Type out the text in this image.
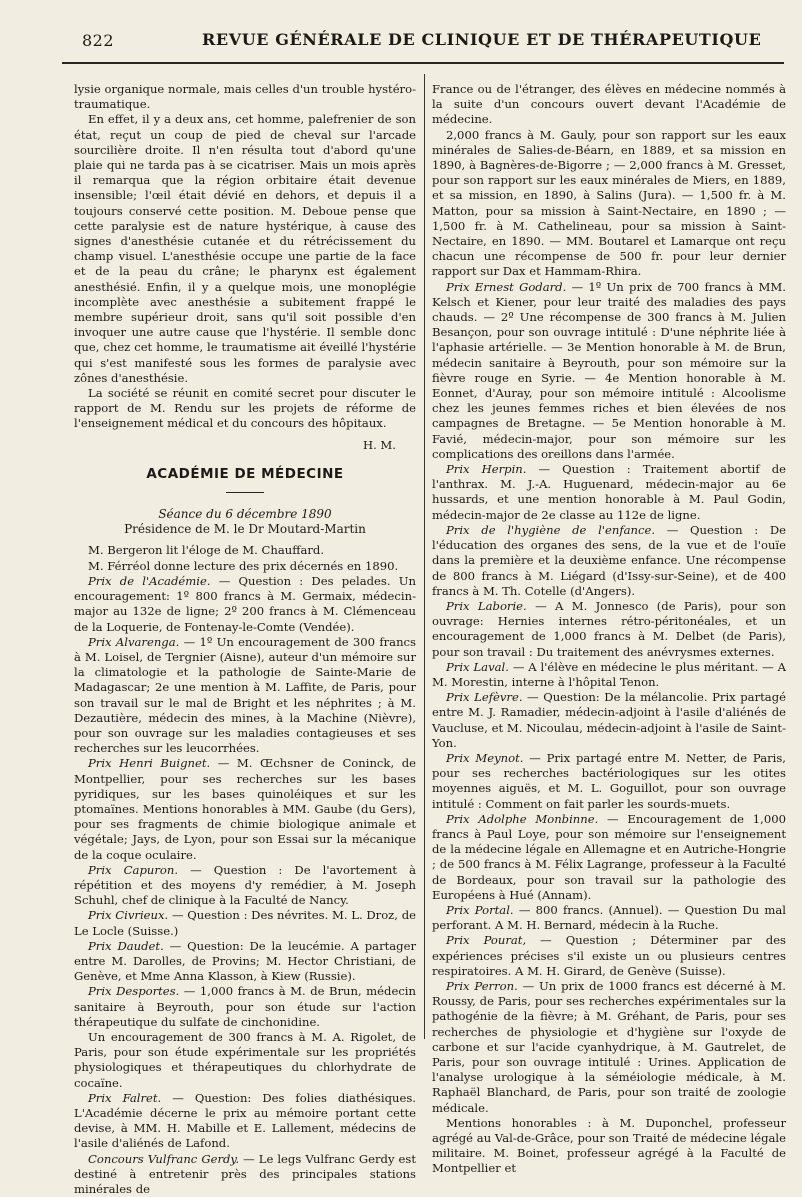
822	REVUE GÉNÉRALE DE CLINIQUE ET DE THÉRAPEUTIQUE

lysie organique normale, mais celles d'un trouble hystéro-traumatique.

En effet, il y a deux ans, cet homme, palefrenier de son état, reçut un coup de pied de cheval sur l'arcade sourcilière droite. Il n'en résulta tout d'abord qu'une plaie qui ne tarda pas à se cicatriser. Mais un mois après il remarqua que la région orbitaire était devenue insensible; l'œil était dévié en dehors, et depuis il a toujours conservé cette position. M. Deboue pense que cette paralysie est de nature hystérique, à cause des signes d'anesthésie cutanée et du rétrécissement du champ visuel. L'anesthésie occupe une partie de la face et de la peau du crâne; le pharynx est également anesthésié. Enfin, il y a quelque mois, une monoplégie incomplète avec anesthésie a subitement frappé le membre supérieur droit, sans qu'il soit possible d'en invoquer une autre cause que l'hystérie. Il semble donc que, chez cet homme, le traumatisme ait éveillé l'hystérie qui s'est manifesté sous les formes de paralysie avec zônes d'anesthésie.

La société se réunit en comité secret pour discuter le rapport de M. Rendu sur les projets de réforme de l'enseignement médical et du concours des hôpitaux.

H. M.

ACADÉMIE DE MÉDECINE

Séance du 6 décembre 1890

Présidence de M. le Dr Moutard-Martin

M. Bergeron lit l'éloge de M. Chauffard.

M. Férréol donne lecture des prix décernés en 1890.

Prix de l'Académie. — Question : Des pelades. Un encouragement: 1º 800 francs à M. Germaix, médecin-major au 132e de ligne; 2º 200 francs à M. Clémenceau de la Loquerie, de Fontenay-le-Comte (Vendée).

Prix Alvarenga. — 1º Un encouragement de 300 francs à M. Loisel, de Tergnier (Aisne), auteur d'un mémoire sur la climatologie et la pathologie de Sainte-Marie de Madagascar; 2e une mention à M. Laffite, de Paris, pour son travail sur le mal de Bright et les néphrites ; à M. Dezautière, médecin des mines, à la Machine (Nièvre), pour son ouvrage sur les maladies contagieuses et ses recherches sur les leucorrhées.

Prix Henri Buignet. — M. Œchsner de Coninck, de Montpellier, pour ses recherches sur les bases pyridiques, sur les bases quinoléiques et sur les ptomaïnes. Mentions honorables à MM. Gaube (du Gers), pour ses fragments de chimie biologique animale et végétale; Jays, de Lyon, pour son Essai sur la mécanique de la coque oculaire.

Prix Capuron. — Question : De l'avortement à répétition et des moyens d'y remédier, à M. Joseph Schuhl, chef de clinique à la Faculté de Nancy.

Prix Civrieux. — Question : Des névrites. M. L. Droz, de Le Locle (Suisse.)

Prix Daudet. — Question: De la leucémie. A partager entre M. Darolles, de Provins; M. Hector Christiani, de Genève, et Mme Anna Klasson, à Kiew (Russie).

Prix Desportes. — 1,000 francs à M. de Brun, médecin sanitaire à Beyrouth, pour son étude sur l'action thérapeutique du sulfate de cinchonidine.

Un encouragement de 300 francs à M. A. Rigolet, de Paris, pour son étude expérimentale sur les propriétés physiologiques et thérapeutiques du chlorhydrate de cocaïne.

Prix Falret. — Question: Des folies diathésiques. L'Académie décerne le prix au mémoire portant cette devise, à MM. H. Mabille et E. Lallement, médecins de l'asile d'aliénés de Lafond.

Concours Vulfranc Gerdy. — Le legs Vulfranc Gerdy est destiné à entretenir près des principales stations minérales de

France ou de l'étranger, des élèves en médecine nommés à la suite d'un concours ouvert devant l'Académie de médecine.

2,000 francs à M. Gauly, pour son rapport sur les eaux minérales de Salies-de-Béarn, en 1889, et sa mission en 1890, à Bagnères-de-Bigorre ; — 2,000 francs à M. Gresset, pour son rapport sur les eaux minérales de Miers, en 1889, et sa mission, en 1890, à Salins (Jura). — 1,500 fr. à M. Matton, pour sa mission à Saint-Nectaire, en 1890 ; — 1,500 fr. à M. Cathelineau, pour sa mission à Saint-Nectaire, en 1890. — MM. Boutarel et Lamarque ont reçu chacun une récompense de 500 fr. pour leur dernier rapport sur Dax et Hammam-Rhira.

Prix Ernest Godard. — 1º Un prix de 700 francs à MM. Kelsch et Kiener, pour leur traité des maladies des pays chauds. — 2º Une récompense de 300 francs à M. Julien Besançon, pour son ouvrage intitulé : D'une néphrite liée à l'aphasie artérielle. — 3e Mention honorable à M. de Brun, médecin sanitaire à Beyrouth, pour son mémoire sur la fièvre rouge en Syrie. — 4e Mention honorable à M. Eonnet, d'Auray, pour son mémoire intitulé : Alcoolisme chez les jeunes femmes riches et bien élevées de nos campagnes de Bretagne. — 5e Mention honorable à M. Favié, médecin-major, pour son mémoire sur les complications des oreillons dans l'armée.

Prix Herpin. — Question : Traitement abortif de l'anthrax. M. J.-A. Huguenard, médecin-major au 6e hussards, et une mention honorable à M. Paul Godin, médecin-major de 2e classe au 112e de ligne.

Prix de l'hygiène de l'enfance. — Question : De l'éducation des organes des sens, de la vue et de l'ouïe dans la première et la deuxième enfance. Une récompense de 800 francs à M. Liégard (d'Issy-sur-Seine), et de 400 francs à M. Th. Cotelle (d'Angers).

Prix Laborie. — A M. Jonnesco (de Paris), pour son ouvrage: Hernies internes rétro-péritonéales, et un encouragement de 1,000 francs à M. Delbet (de Paris), pour son travail : Du traitement des anévrysmes externes.

Prix Laval. — A l'élève en médecine le plus méritant. — A M. Morestin, interne à l'hôpital Tenon.

Prix Lefèvre. — Question: De la mélancolie. Prix partagé entre M. J. Ramadier, médecin-adjoint à l'asile d'aliénés de Vaucluse, et M. Nicoulau, médecin-adjoint à l'asile de Saint-Yon.

Prix Meynot. — Prix partagé entre M. Netter, de Paris, pour ses recherches bactériologiques sur les otites moyennes aiguës, et M. L. Goguillot, pour son ouvrage intitulé : Comment on fait parler les sourds-muets.

Prix Adolphe Monbinne. — Encouragement de 1,000 francs à Paul Loye, pour son mémoire sur l'enseignement de la médecine légale en Allemagne et en Autriche-Hongrie ; de 500 francs à M. Félix Lagrange, professeur à la Faculté de Bordeaux, pour son travail sur la pathologie des Européens à Hué (Annam).

Prix Portal. — 800 francs. (Annuel). — Question Du mal perforant. A M. H. Bernard, médecin à la Ruche.

Prix Pourat, — Question ; Déterminer par des expériences précises s'il existe un ou plusieurs centres respiratoires. A M. H. Girard, de Genève (Suisse).

Prix Perron. — Un prix de 1000 francs est décerné à M. Roussy, de Paris, pour ses recherches expérimentales sur la pathogénie de la fièvre; à M. Gréhant, de Paris, pour ses recherches de physiologie et d'hygiène sur l'oxyde de carbone et sur l'acide cyanhydrique, à M. Gautrelet, de Paris, pour son ouvrage intitulé : Urines. Application de l'analyse urologique à la séméiologie médicale, à M. Raphaël Blanchard, de Paris, pour son traité de zoologie médicale.

Mentions honorables : à M. Duponchel, professeur agrégé au Val-de-Grâce, pour son Traité de médecine légale militaire. M. Boinet, professeur agrégé à la Faculté de Montpellier et
